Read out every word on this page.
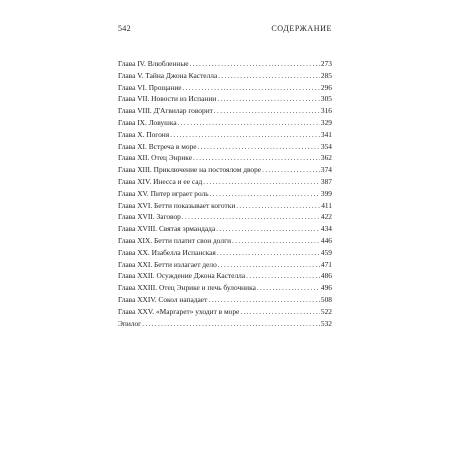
542	СОДЕРЖАНИЕ
Глава IV. Влюбленные .....	273
Глава V. Тайна Джона Кастелла .....	285
Глава VI. Прощание .....	296
Глава VII. Новости из Испании .....	305
Глава VIII. Д'Агвилар говорит .....	316
Глава IX. Ловушка .....	329
Глава X. Погоня .....	341
Глава XI. Встреча в море .....	354
Глава XII. Отец Энрике .....	362
Глава XIII. Приключение на постоялом дворе .....	374
Глава XIV. Инесса и ее сад .....	387
Глава XV. Питер играет роль .....	399
Глава XVI. Бетти показывает коготки .....	411
Глава XVII. Заговор .....	422
Глава XVIII. Святая эрмандада .....	434
Глава XIX. Бетти платит свои долги .....	446
Глава XX. Изабелла Испанская .....	459
Глава XXI. Бетти излагает дело .....	471
Глава XXII. Осуждение Джона Кастелла .....	486
Глава XXIII. Отец Энрике и печь булочника .....	496
Глава XXIV. Сокол нападает .....	508
Глава XXV. «Маргарет» уходит в море .....	522
Эпилог .....	532
